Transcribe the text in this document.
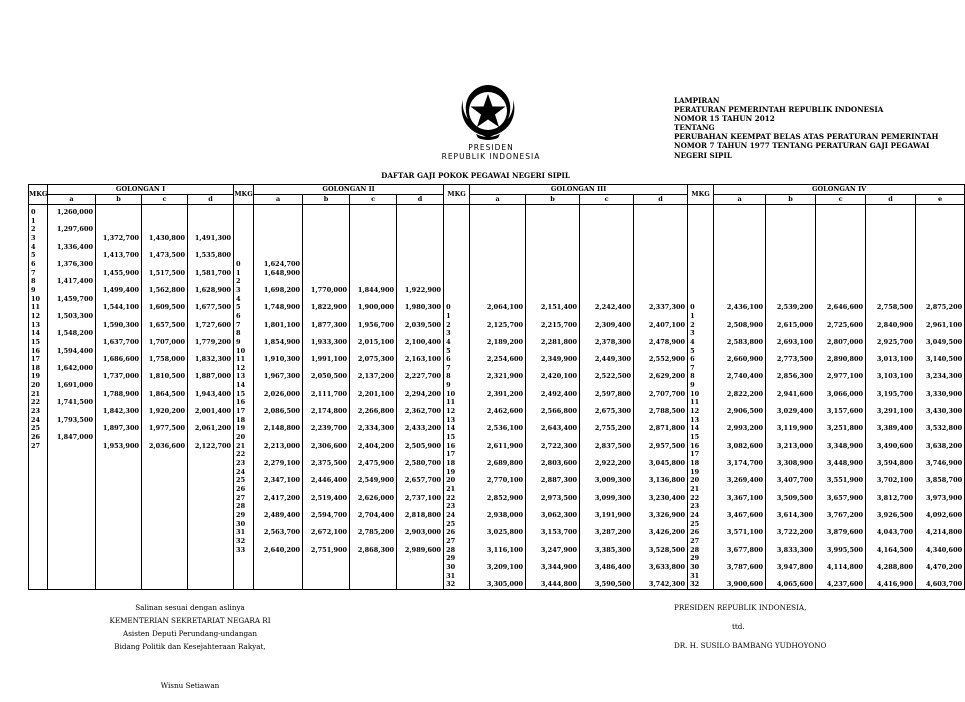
PRESIDEN
REPUBLIK INDONESIA
LAMPIRAN
PERATURAN PEMERINTAH REPUBLIK INDONESIA
NOMOR 15 TAHUN 2012
TENTANG
PERUBAHAN KEEMPAT BELAS ATAS PERATURAN PEMERINTAH
NOMOR 7 TAHUN 1977 TENTANG PERATURAN GAJI PEGAWAI
NEGERI SIPIL
DAFTAR GAJI POKOK PEGAWAI NEGERI SIPIL
MKG	GOLONGAN I				MKG	GOLONGAN II				MKG	GOLONGAN III				MKG	GOLONGAN IV					
	a	b	c	d		a	b	c	d		a	b	c	d		a	b	c	d	e	
0	1,260,000																				
1																					
2	1,297,600																				
3		1,372,700	1,430,800	1,491,300																	
4	1,336,400																				
5		1,413,700	1,473,500	1,535,800																	
6	1,376,300				0	1,624,700															
7		1,455,900	1,517,500	1,581,700	1	1,648,900															
8	1,417,400				2																
9		1,499,400	1,562,800	1,628,900	3	1,698,200	1,770,000	1,844,900	1,922,900												
10	1,459,700				4																
11		1,544,100	1,609,500	1,677,500	5	1,748,900	1,822,900	1,900,000	1,980,300	0	2,064,100	2,151,400	2,242,400	2,337,300	0	2,436,100	2,539,200	2,646,600	2,758,500	2,875,200	
12	1,503,300				6					1					1						
13		1,590,300	1,657,500	1,727,600	7	1,801,100	1,877,300	1,956,700	2,039,500	2	2,125,700	2,215,700	2,309,400	2,407,100	2	2,508,900	2,615,000	2,725,600	2,840,900	2,961,100	
14	1,548,200				8					3					3						
15		1,637,700	1,707,000	1,779,200	9	1,854,900	1,933,300	2,015,100	2,100,400	4	2,189,200	2,281,800	2,378,300	2,478,900	4	2,583,800	2,693,100	2,807,000	2,925,700	3,049,500	
16	1,594,400				10					5					5						
17		1,686,600	1,758,000	1,832,300	11	1,910,300	1,991,100	2,075,300	2,163,100	6	2,254,600	2,349,900	2,449,300	2,552,900	6	2,660,900	2,773,500	2,890,800	3,013,100	3,140,500	
18	1,642,000				12					7					7						
19		1,737,000	1,810,500	1,887,000	13	1,967,300	2,050,500	2,137,200	2,227,700	8	2,321,900	2,420,100	2,522,500	2,629,200	8	2,740,400	2,856,300	2,977,100	3,103,100	3,234,300	
20	1,691,000				14					9					9						
21		1,788,900	1,864,500	1,943,400	15	2,026,000	2,111,700	2,201,100	2,294,200	10	2,391,200	2,492,400	2,597,800	2,707,700	10	2,822,200	2,941,600	3,066,000	3,195,700	3,330,900	
22	1,741,500				16					11					11						
23		1,842,300	1,920,200	2,001,400	17	2,086,500	2,174,800	2,266,800	2,362,700	12	2,462,600	2,566,800	2,675,300	2,788,500	12	2,906,500	3,029,400	3,157,600	3,291,100	3,430,300	
24	1,793,500				18					13					13						
25		1,897,300	1,977,500	2,061,200	19	2,148,800	2,239,700	2,334,300	2,433,200	14	2,536,100	2,643,400	2,755,200	2,871,800	14	2,993,200	3,119,900	3,251,800	3,389,400	3,532,800	
26	1,847,000				20					15					15						
27		1,953,900	2,036,600	2,122,700	21	2,213,000	2,306,600	2,404,200	2,505,900	16	2,611,900	2,722,300	2,837,500	2,957,500	16	3,082,600	3,213,000	3,348,900	3,490,600	3,638,200	
					22					17					17						
					23	2,279,100	2,375,500	2,475,900	2,580,700	18	2,689,800	2,803,600	2,922,200	3,045,800	18	3,174,700	3,308,900	3,448,900	3,594,800	3,746,900	
					24					19					19						
					25	2,347,100	2,446,400	2,549,900	2,657,700	20	2,770,100	2,887,300	3,009,300	3,136,800	20	3,269,400	3,407,700	3,551,900	3,702,100	3,858,700	
					26					21					21						
					27	2,417,200	2,519,400	2,626,000	2,737,100	22	2,852,900	2,973,500	3,099,300	3,230,400	22	3,367,100	3,509,500	3,657,900	3,812,700	3,973,900	
					28					23					23						
					29	2,489,400	2,594,700	2,704,400	2,818,800	24	2,938,000	3,062,300	3,191,900	3,326,900	24	3,467,600	3,614,300	3,767,200	3,926,500	4,092,600	
					30					25					25						
					31	2,563,700	2,672,100	2,785,200	2,903,000	26	3,025,800	3,153,700	3,287,200	3,426,200	26	3,571,100	3,722,200	3,879,600	4,043,700	4,214,800	
					32					27					27						
					33	2,640,200	2,751,900	2,868,300	2,989,600	28	3,116,100	3,247,900	3,385,300	3,528,500	28	3,677,800	3,833,300	3,995,500	4,164,500	4,340,600	
										29					29						
										30	3,209,100	3,344,900	3,486,400	3,633,800	30	3,787,600	3,947,800	4,114,800	4,288,800	4,470,200	
										31					31						
										32	3,305,000	3,444,800	3,590,500	3,742,300	32	3,900,600	4,065,600	4,237,600	4,416,900	4,603,700	
Salinan sesuai dengan aslinya
KEMENTERIAN SEKRETARIAT NEGARA RI
Asisten Deputi Perundang-undangan
Bidang Politik dan Kesejahteraan Rakyat,

Wisnu Setiawan
PRESIDEN REPUBLIK INDONESIA,
ttd.
DR. H. SUSILO BAMBANG YUDHOYONO
